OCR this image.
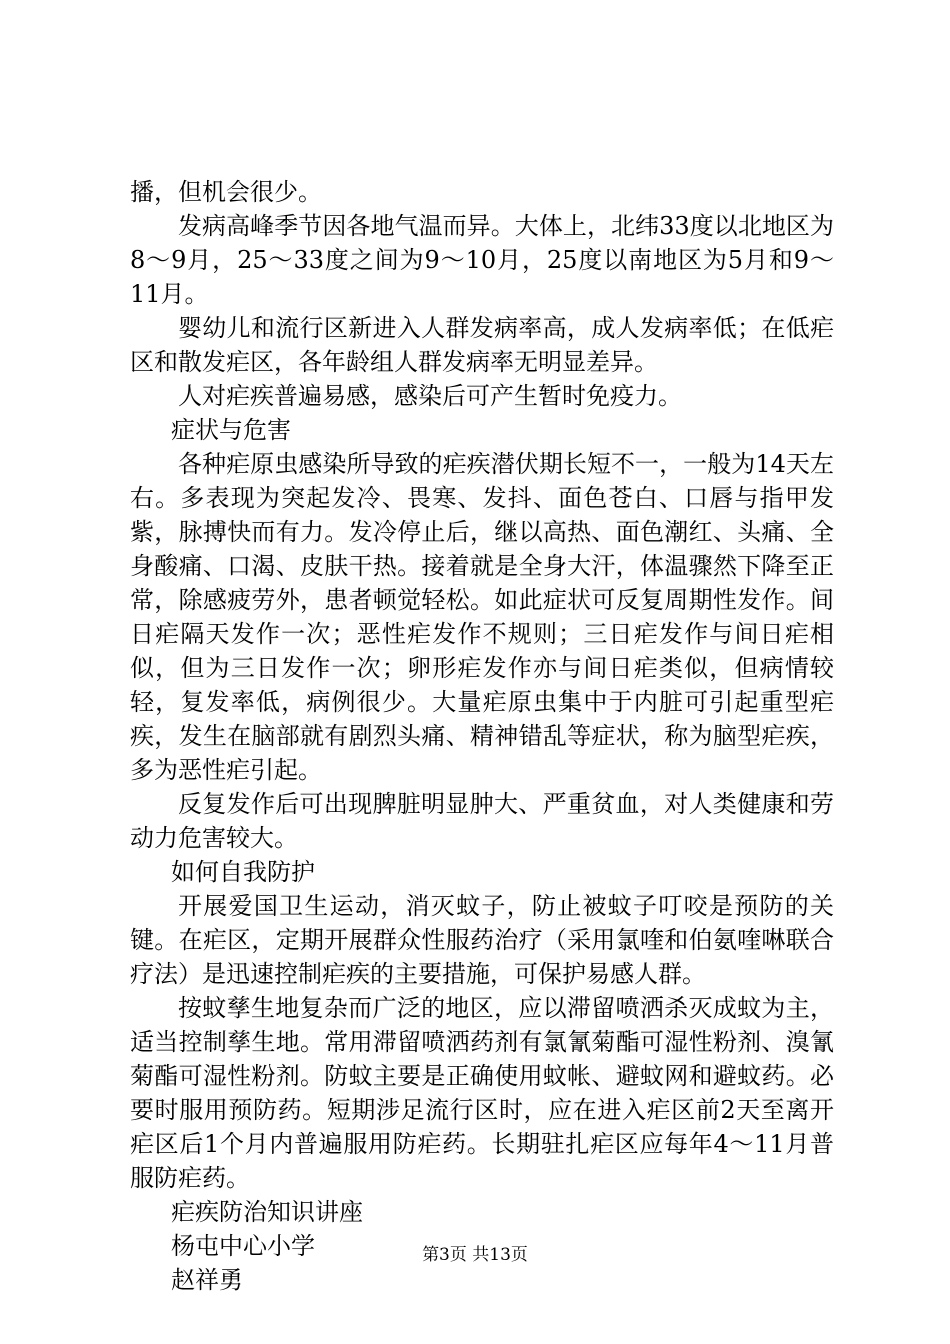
播，但机会很少。

发病高峰季节因各地气温而异。大体上，北纬33度以北地区为8～9月，25～33度之间为9～10月，25度以南地区为5月和9～11月。

婴幼儿和流行区新进入人群发病率高，成人发病率低；在低疟区和散发疟区，各年龄组人群发病率无明显差异。

人对疟疾普遍易感，感染后可产生暂时免疫力。

症状与危害

各种疟原虫感染所导致的疟疾潜伏期长短不一，一般为14天左右。多表现为突起发冷、畏寒、发抖、面色苍白、口唇与指甲发紫，脉搏快而有力。发冷停止后，继以高热、面色潮红、头痛、全身酸痛、口渴、皮肤干热。接着就是全身大汗，体温骤然下降至正常，除感疲劳外，患者顿觉轻松。如此症状可反复周期性发作。间日疟隔天发作一次；恶性疟发作不规则；三日疟发作与间日疟相似，但为三日发作一次；卵形疟发作亦与间日疟类似，但病情较轻，复发率低，病例很少。大量疟原虫集中于内脏可引起重型疟疾，发生在脑部就有剧烈头痛、精神错乱等症状，称为脑型疟疾，多为恶性疟引起。

反复发作后可出现脾脏明显肿大、严重贫血，对人类健康和劳动力危害较大。

如何自我防护

开展爱国卫生运动，消灭蚊子，防止被蚊子叮咬是预防的关键。在疟区，定期开展群众性服药治疗（采用氯喹和伯氨喹啉联合疗法）是迅速控制疟疾的主要措施，可保护易感人群。

按蚊孳生地复杂而广泛的地区，应以滞留喷洒杀灭成蚊为主，适当控制孳生地。常用滞留喷洒药剂有氯氰菊酯可湿性粉剂、溴氰菊酯可湿性粉剂。防蚊主要是正确使用蚊帐、避蚊网和避蚊药。必要时服用预防药。短期涉足流行区时，应在进入疟区前2天至离开疟区后1个月内普遍服用防疟药。长期驻扎疟区应每年4～11月普服防疟药。

疟疾防治知识讲座

杨屯中心小学

赵祥勇

第3页 共13页
